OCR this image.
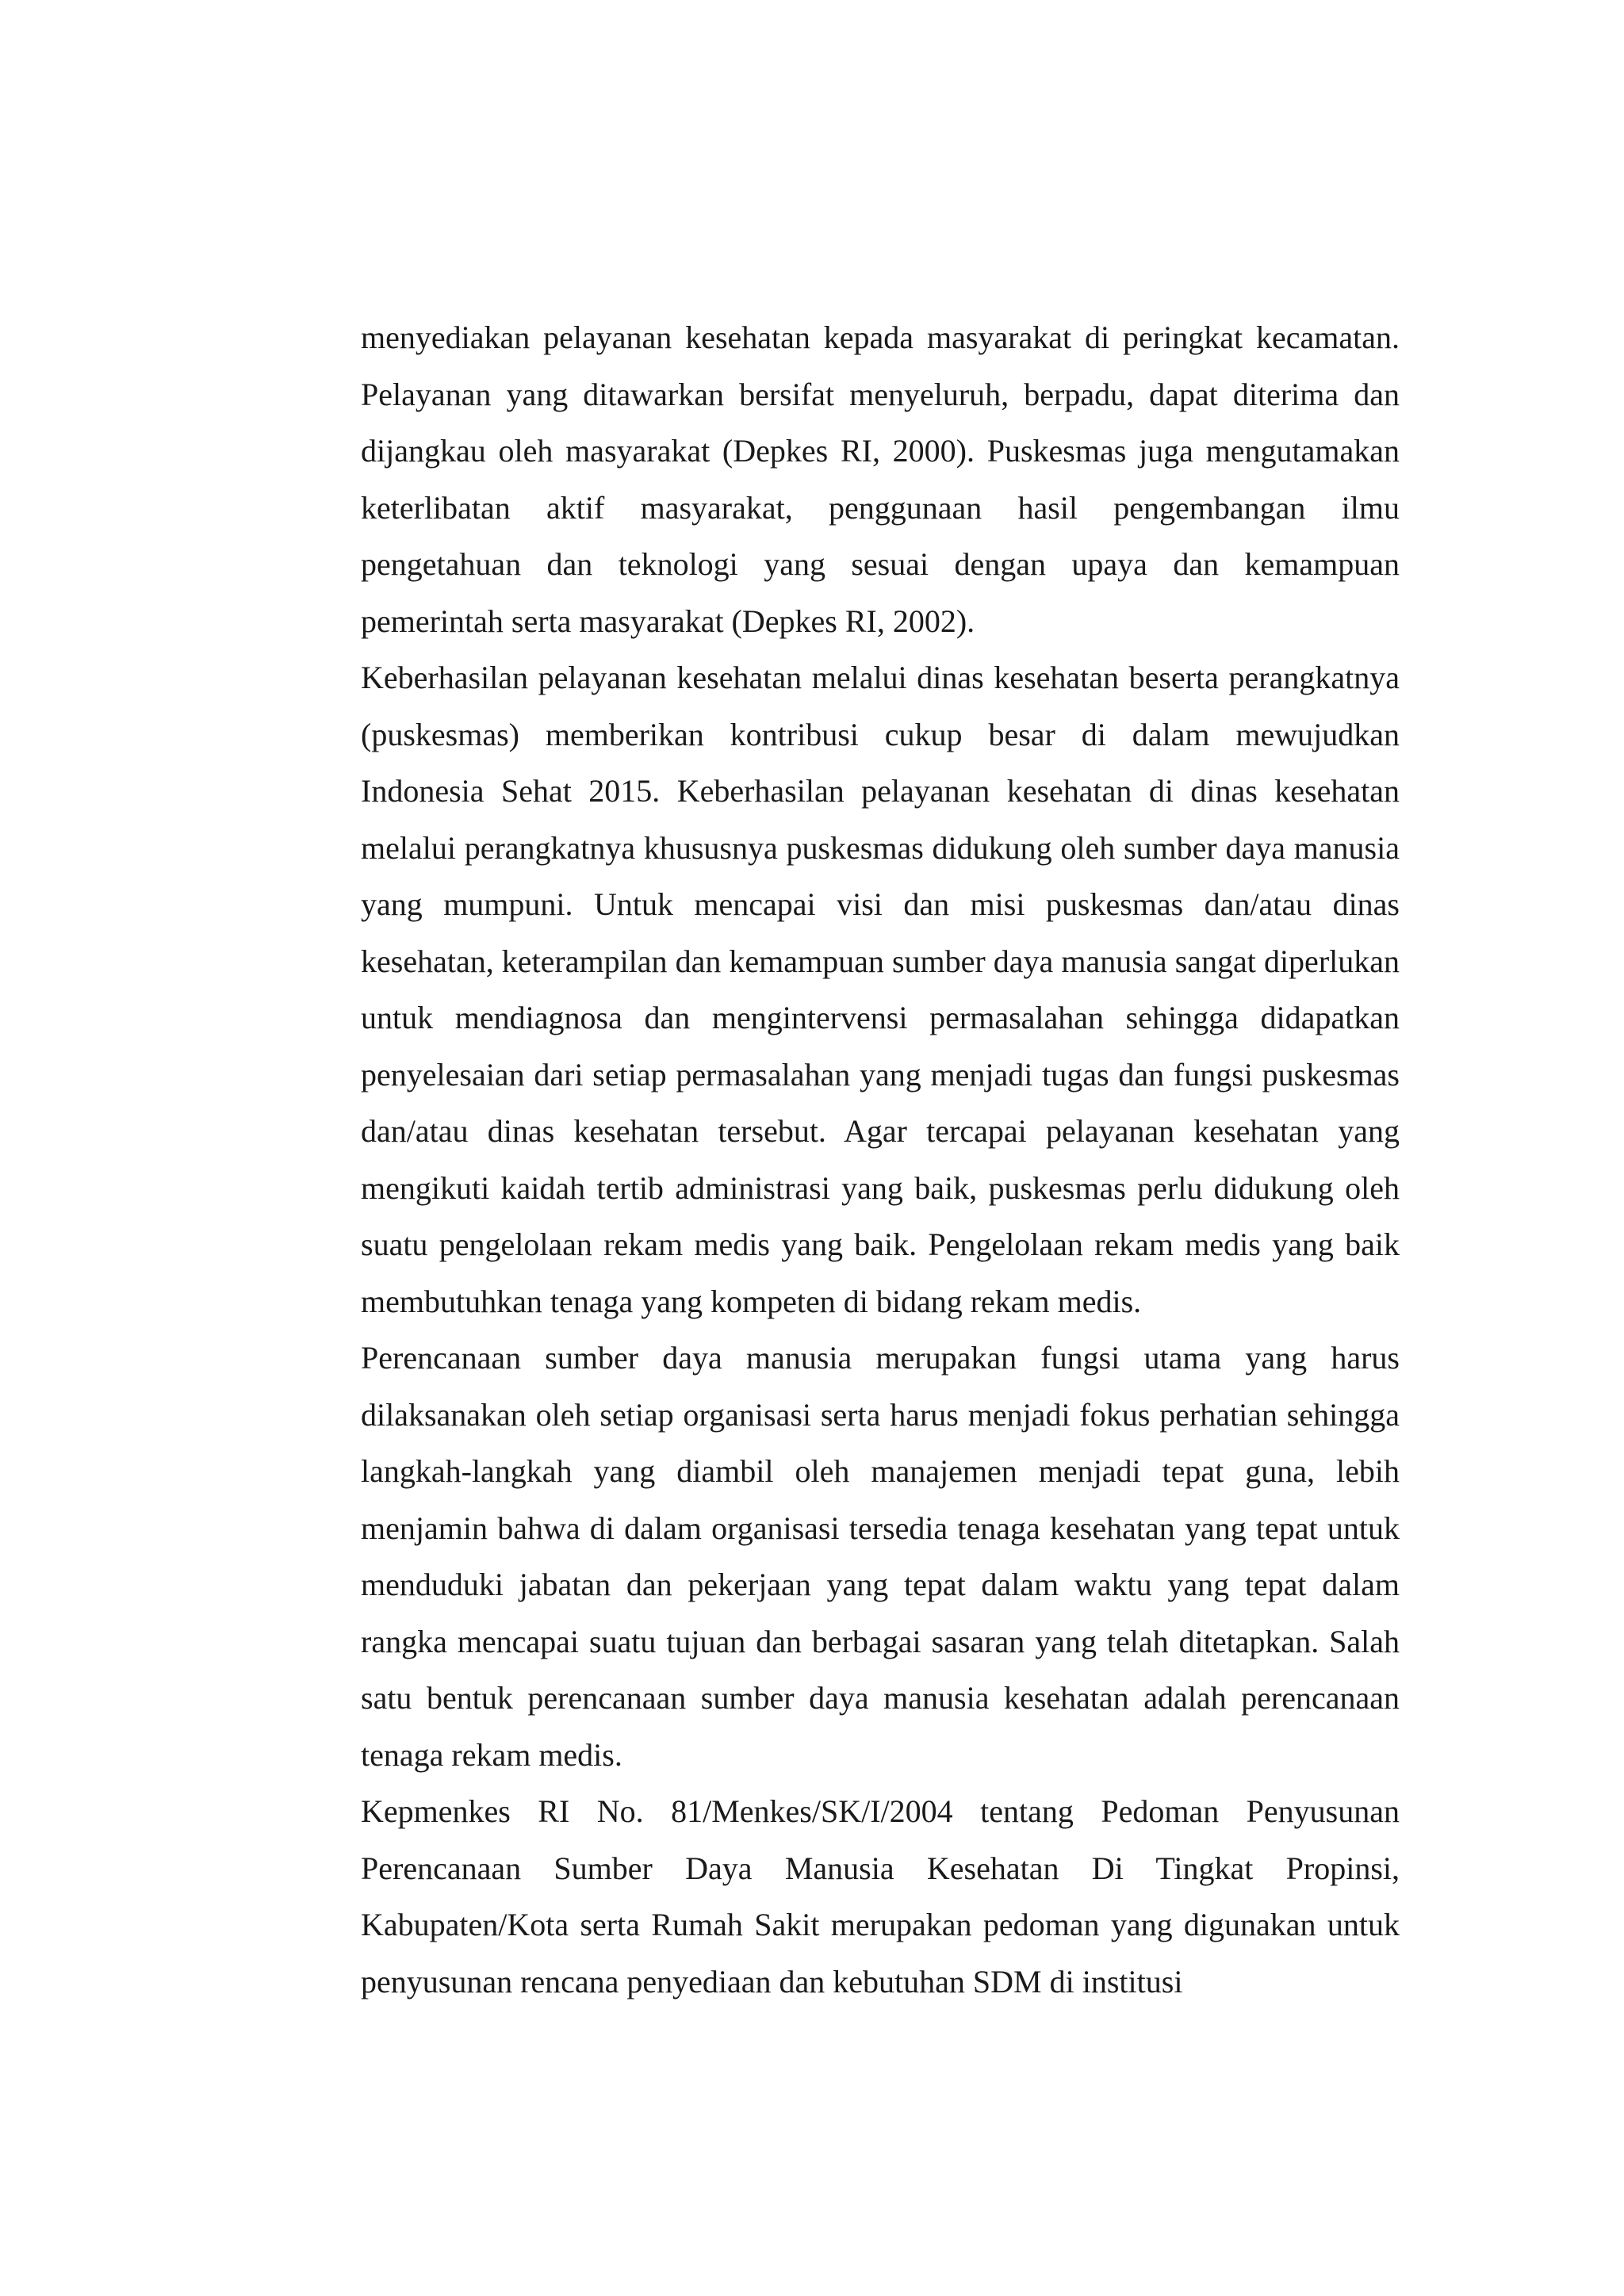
menyediakan pelayanan kesehatan kepada masyarakat di peringkat kecamatan. Pelayanan yang ditawarkan bersifat menyeluruh, berpadu, dapat diterima dan dijangkau oleh masyarakat (Depkes RI, 2000). Puskesmas juga mengutamakan keterlibatan aktif masyarakat, penggunaan hasil pengembangan ilmu pengetahuan dan teknologi yang sesuai dengan upaya dan kemampuan pemerintah serta masyarakat (Depkes RI, 2002).

Keberhasilan pelayanan kesehatan melalui dinas kesehatan beserta perangkatnya (puskesmas) memberikan kontribusi cukup besar di dalam mewujudkan Indonesia Sehat 2015. Keberhasilan pelayanan kesehatan di dinas kesehatan melalui perangkatnya khususnya puskesmas didukung oleh sumber daya manusia yang mumpuni. Untuk mencapai visi dan misi puskesmas dan/atau dinas kesehatan, keterampilan dan kemampuan sumber daya manusia sangat diperlukan untuk mendiagnosa dan mengintervensi permasalahan sehingga didapatkan penyelesaian dari setiap permasalahan yang menjadi tugas dan fungsi puskesmas dan/atau dinas kesehatan tersebut. Agar tercapai pelayanan kesehatan yang mengikuti kaidah tertib administrasi yang baik, puskesmas perlu didukung oleh suatu pengelolaan rekam medis yang baik. Pengelolaan rekam medis yang baik membutuhkan tenaga yang kompeten di bidang rekam medis.

Perencanaan sumber daya manusia merupakan fungsi utama yang harus dilaksanakan oleh setiap organisasi serta harus menjadi fokus perhatian sehingga langkah-langkah yang diambil oleh manajemen menjadi tepat guna, lebih menjamin bahwa di dalam organisasi tersedia tenaga kesehatan yang tepat untuk menduduki jabatan dan pekerjaan yang tepat dalam waktu yang tepat dalam rangka mencapai suatu tujuan dan berbagai sasaran yang telah ditetapkan. Salah satu bentuk perencanaan sumber daya manusia kesehatan adalah perencanaan tenaga rekam medis.

Kepmenkes RI No. 81/Menkes/SK/I/2004 tentang Pedoman Penyusunan Perencanaan Sumber Daya Manusia Kesehatan Di Tingkat Propinsi, Kabupaten/Kota serta Rumah Sakit merupakan pedoman yang digunakan untuk penyusunan rencana penyediaan dan kebutuhan SDM di institusi
